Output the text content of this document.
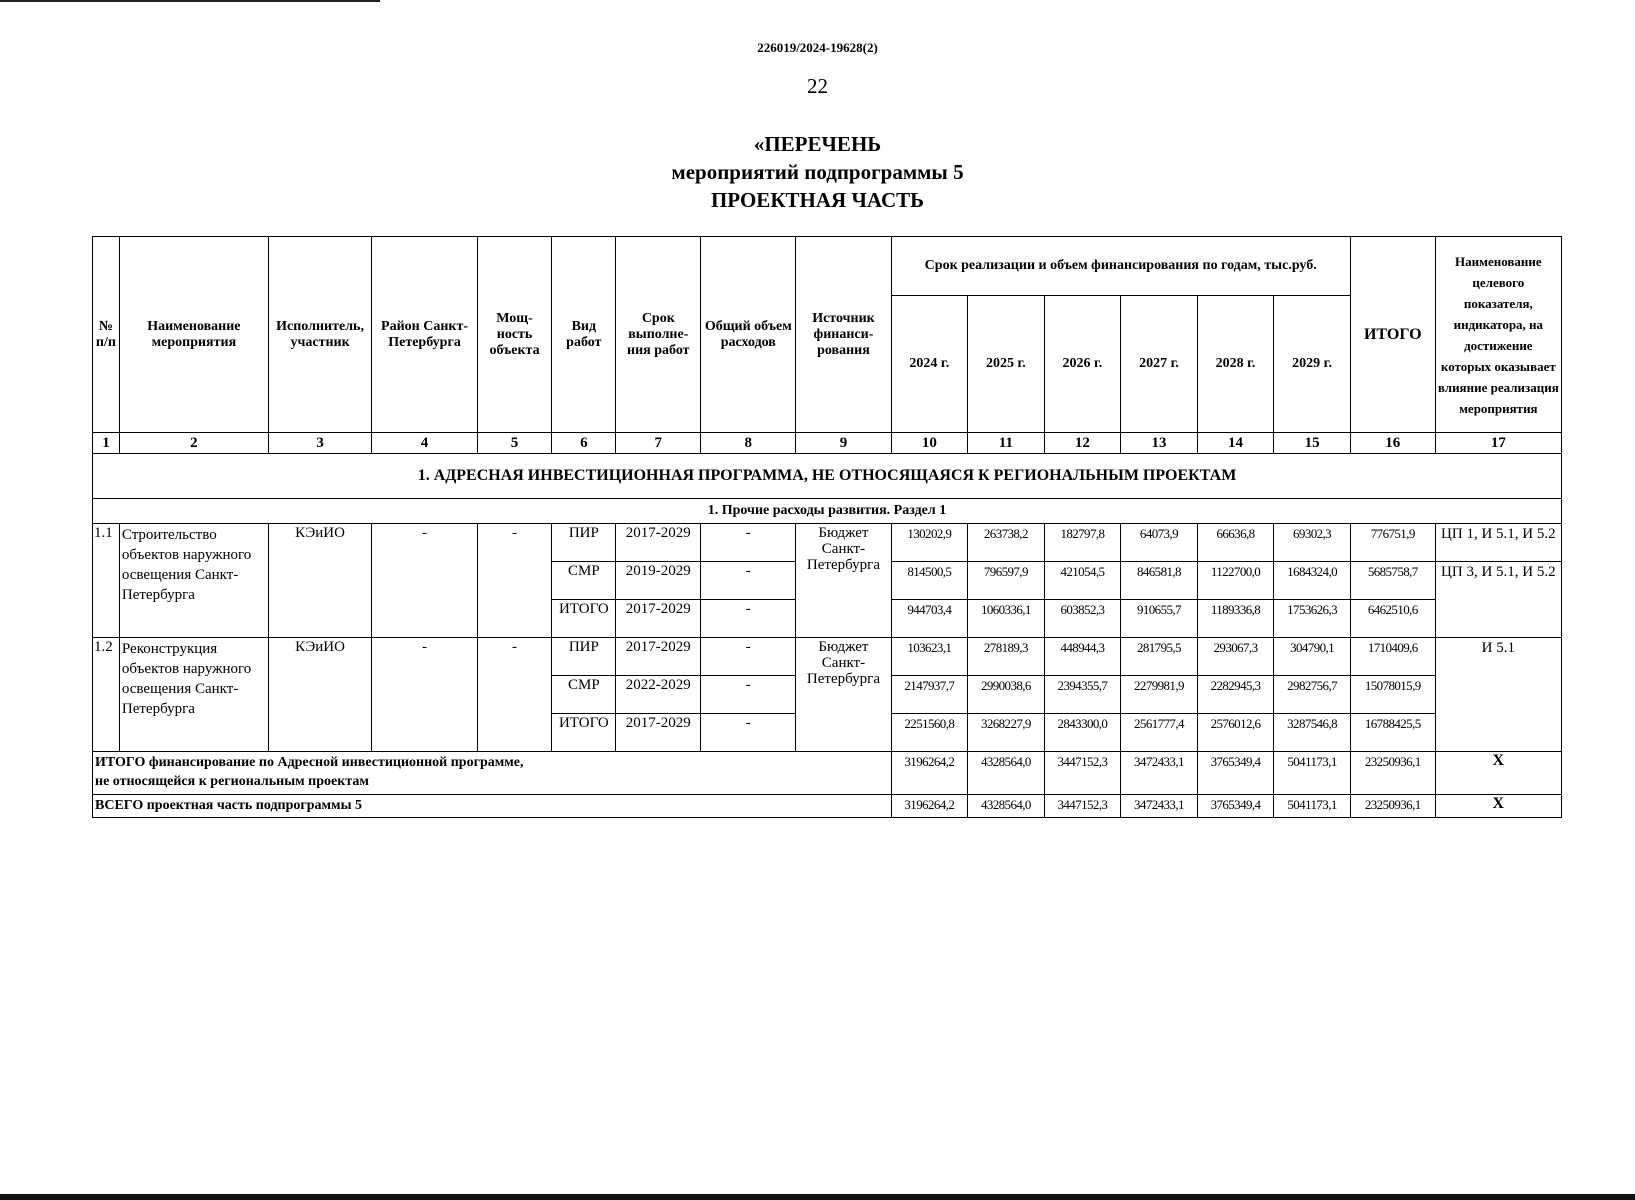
226019/2024-19628(2)
22
«ПЕРЕЧЕНЬ
мероприятий подпрограммы 5
ПРОЕКТНАЯ ЧАСТЬ
№ п/п	Наименование мероприятия	Исполнитель, участник	Район Санкт-Петербурга	Мощ-ность объекта	Вид работ	Срок выполне-ния работ	Общий объем расходов	Источник финанси-рования	Срок реализации и объем финансирования по годам, тыс.руб.						ИТОГО	Наименование целевого показателя, индикатора, на достижение которых оказывает влияние реализация мероприятия
									2024 г.	2025 г.	2026 г.	2027 г.	2028 г.	2029 г.		
1	2	3	4	5	6	7	8	9	10	11	12	13	14	15	16	17
1. АДРЕСНАЯ ИНВЕСТИЦИОННАЯ ПРОГРАММА, НЕ ОТНОСЯЩАЯСЯ К РЕГИОНАЛЬНЫМ ПРОЕКТАМ																
1. Прочие расходы развития. Раздел 1																
1.1	Строительство объектов наружного освещения Санкт-Петербурга	КЭиИО	-	-	ПИР	2017-2029	-	Бюджет Санкт-Петербурга	130202,9	263738,2	182797,8	64073,9	66636,8	69302,3	776751,9	ЦП 1, И 5.1, И 5.2
					СМР	2019-2029	-		814500,5	796597,9	421054,5	846581,8	1122700,0	1684324,0	5685758,7	ЦП 3, И 5.1, И 5.2
					ИТОГО	2017-2029	-		944703,4	1060336,1	603852,3	910655,7	1189336,8	1753626,3	6462510,6	
1.2	Реконструкция объектов наружного освещения Санкт-Петербурга	КЭиИО	-	-	ПИР	2017-2029	-	Бюджет Санкт-Петербурга	103623,1	278189,3	448944,3	281795,5	293067,3	304790,1	1710409,6	И 5.1
					СМР	2022-2029	-		2147937,7	2990038,6	2394355,7	2279981,9	2282945,3	2982756,7	15078015,9	
					ИТОГО	2017-2029	-		2251560,8	3268227,9	2843300,0	2561777,4	2576012,6	3287546,8	16788425,5	

ИТОГО финансирование по Адресной инвестиционной программе,
не относящейся к региональным проектам									3196264,2	4328564,0	3447152,3	3472433,1	3765349,4	5041173,1	23250936,1	Х
ВСЕГО проектная часть подпрограммы 5									3196264,2	4328564,0	3447152,3	3472433,1	3765349,4	5041173,1	23250936,1	Х
